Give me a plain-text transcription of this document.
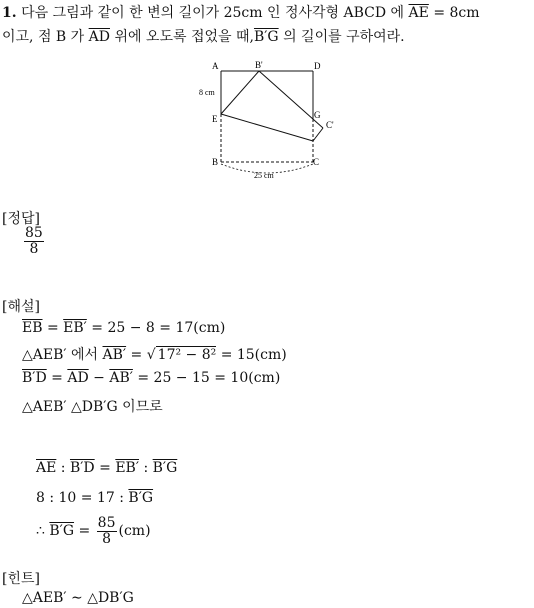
1. 다음 그림과 같이 한 변의 길이가 25cm 인 정사각형 ABCD 에 $\overline{AE} = 8cm$
이고, 점 B 가 $\overline{AD}$ 위에 오도록 접었을 때,B′G 의 길이를 구하여라.
A	B'	D
E	G
C'
B	C
8 cm
25 cm
[정답]
$\frac{85}{8}$
[해설]
$\overline{EB} = EB' = 25 - 8 = 17(cm)$
△AEB′ 에서 AB′ = √ 17² − 8² = 15(cm)
$B'D = \overline{AD} - AB' = 25 - 15 = 10(cm)$
△AEB′ △DB′G 이므로
$\overline{AE}$ : B′D = EB′ : B′G
8 : 10 = 17 : B′G
∴ $B'G = \frac{85}{8} (cm)$
[힌트]
△AEB′ ∼ △DB′G
